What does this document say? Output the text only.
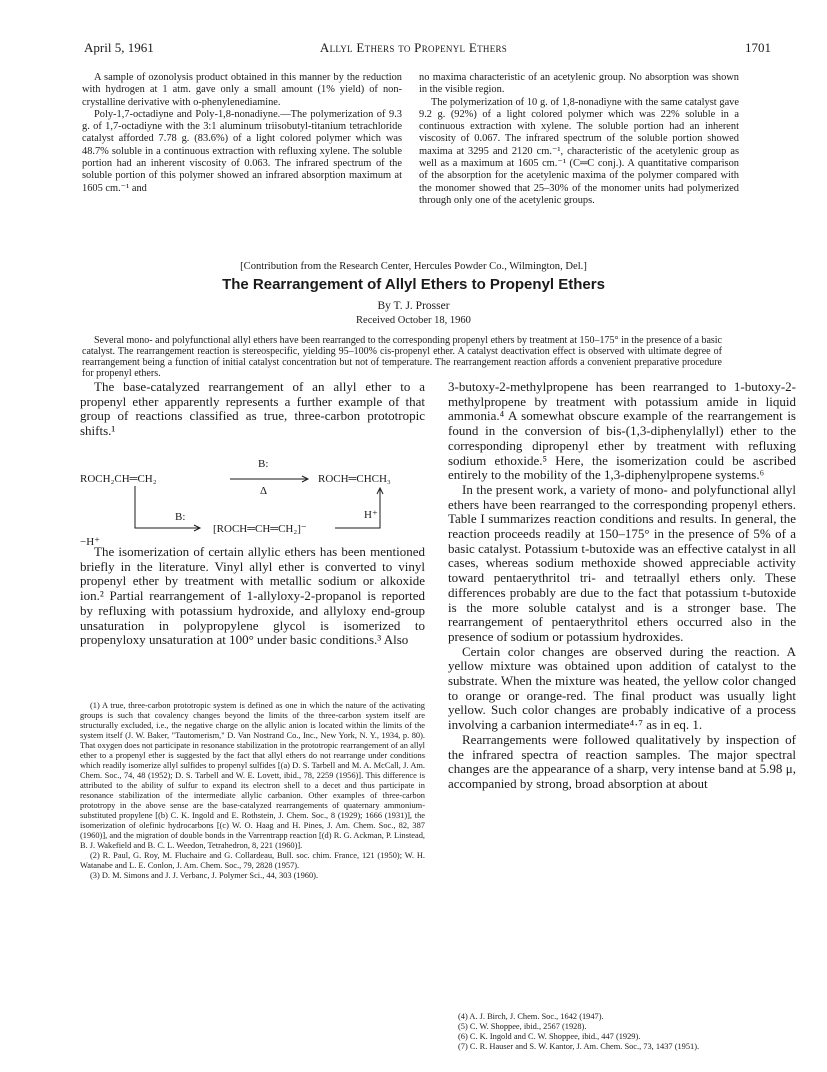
April 5, 1961	Allyl Ethers to Propenyl Ethers	1701

A sample of ozonolysis product obtained in this manner by the reduction with hydrogen at 1 atm. gave only a small amount (1% yield) of non-crystalline derivative with o-phenylenediamine.

Poly-1,7-octadiyne and Poly-1,8-nonadiyne.—The polymerization of 9.3 g. of 1,7-octadiyne with the 3:1 aluminum triisobutyl-titanium tetrachloride catalyst afforded 7.78 g. (83.6%) of a light colored polymer which was 48.7% soluble in a continuous extraction with refluxing xylene. The soluble portion had an inherent viscosity of 0.063. The infrared spectrum of the soluble portion of this polymer showed an infrared absorption maximum at 1605 cm.⁻¹ and

no maxima characteristic of an acetylenic group. No absorption was shown in the visible region.

The polymerization of 10 g. of 1,8-nonadiyne with the same catalyst gave 9.2 g. (92%) of a light colored polymer which was 22% soluble in a continuous extraction with xylene. The soluble portion had an inherent viscosity of 0.067. The infrared spectrum of the soluble portion showed maxima at 3295 and 2120 cm.⁻¹, characteristic of the acetylenic group as well as a maximum at 1605 cm.⁻¹ (C═C conj.). A quantitative comparison of the absorption for the acetylenic maxima of the polymer compared with the monomer showed that 25–30% of the monomer units had polymerized through only one of the acetylenic groups.

[Contribution from the Research Center, Hercules Powder Co., Wilmington, Del.]
The Rearrangement of Allyl Ethers to Propenyl Ethers
By T. J. Prosser
Received October 18, 1960
Several mono- and polyfunctional allyl ethers have been rearranged to the corresponding propenyl ethers by treatment at 150–175° in the presence of a basic catalyst. The rearrangement reaction is stereospecific, yielding 95–100% cis-propenyl ether. A catalyst deactivation effect is observed with ultimate degree of rearrangement being a function of initial catalyst concentration but not of temperature. The rearrangement reaction affords a convenient preparative procedure for propenyl ethers.

The base-catalyzed rearrangement of an allyl ether to a propenyl ether apparently represents a further example of that group of reactions classified as true, three-carbon prototropic shifts.¹

ROCH₂CH═CH₂
B:
Δ
ROCH═CHCH₃
B:	H⁺
[ROCH═CH═CH₂]⁻
−H⁺

The isomerization of certain allylic ethers has been mentioned briefly in the literature. Vinyl allyl ether is converted to vinyl propenyl ether by treatment with metallic sodium or alkoxide ion.² Partial rearrangement of 1-allyloxy-2-propanol is reported by refluxing with potassium hydroxide, and allyloxy end-group unsaturation in polypropylene glycol is isomerized to propenyloxy unsaturation at 100° under basic conditions.³ Also

(1) A true, three-carbon prototropic system is defined as one in which the nature of the activating groups is such that covalency changes beyond the limits of the three-carbon system itself are structurally excluded, i.e., the negative charge on the allylic anion is located within the limits of the system itself (J. W. Baker, "Tautomerism," D. Van Nostrand Co., Inc., New York, N. Y., 1934, p. 80). That oxygen does not participate in resonance stabilization in the prototropic rearrangement of an allyl ether to a propenyl ether is suggested by the fact that allyl ethers do not rearrange under conditions which readily isomerize allyl sulfides to propenyl sulfides [(a) D. S. Tarbell and M. A. McCall, J. Am. Chem. Soc., 74, 48 (1952); D. S. Tarbell and W. E. Lovett, ibid., 78, 2259 (1956)]. This difference is attributed to the ability of sulfur to expand its electron shell to a decet and thus participate in resonance stabilization of the intermediate allylic carbanion. Other examples of three-carbon prototropy in the above sense are the base-catalyzed rearrangements of quaternary ammonium-substituted propylene [(b) C. K. Ingold and E. Rothstein, J. Chem. Soc., 8 (1929); 1666 (1931)], the isomerization of olefinic hydrocarbons [(c) W. O. Haag and H. Pines, J. Am. Chem. Soc., 82, 387 (1960)], and the migration of double bonds in the Varrentrapp reaction [(d) R. G. Ackman, P. Linstead, B. J. Wakefield and B. C. L. Weedon, Tetrahedron, 8, 221 (1960)].

(2) R. Paul, G. Roy, M. Fluchaire and G. Collardeau, Bull. soc. chim. France, 121 (1950); W. H. Watanabe and L. E. Conlon, J. Am. Chem. Soc., 79, 2828 (1957).

(3) D. M. Simons and J. J. Verbanc, J. Polymer Sci., 44, 303 (1960).

3-butoxy-2-methylpropene has been rearranged to 1-butoxy-2-methylpropene by treatment with potassium amide in liquid ammonia.⁴ A somewhat obscure example of the rearrangement is found in the conversion of bis-(1,3-diphenylallyl) ether to the corresponding dipropenyl ether by treatment with refluxing sodium ethoxide.⁵ Here, the isomerization could be ascribed entirely to the mobility of the 1,3-diphenylpropene systems.⁶

In the present work, a variety of mono- and polyfunctional allyl ethers have been rearranged to the corresponding propenyl ethers. Table I summarizes reaction conditions and results. In general, the reaction proceeds readily at 150–175° in the presence of 5% of a basic catalyst. Potassium t-butoxide was an effective catalyst in all cases, whereas sodium methoxide showed appreciable activity toward pentaerythritol tri- and tetraallyl ethers only. These differences probably are due to the fact that potassium t-butoxide is the more soluble catalyst and is a stronger base. The rearrangement of pentaerythritol ethers occurred also in the presence of sodium or potassium hydroxides.

Certain color changes are observed during the reaction. A yellow mixture was obtained upon addition of catalyst to the substrate. When the mixture was heated, the yellow color changed to orange or orange-red. The final product was usually light yellow. Such color changes are probably indicative of a process involving a carbanion intermediate⁴·⁷ as in eq. 1.

Rearrangements were followed qualitatively by inspection of the infrared spectra of reaction samples. The major spectral changes are the appearance of a sharp, very intense band at 5.98 μ, accompanied by strong, broad absorption at about

(4) A. J. Birch, J. Chem. Soc., 1642 (1947).

(5) C. W. Shoppee, ibid., 2567 (1928).

(6) C. K. Ingold and C. W. Shoppee, ibid., 447 (1929).

(7) C. R. Hauser and S. W. Kantor, J. Am. Chem. Soc., 73, 1437 (1951).
